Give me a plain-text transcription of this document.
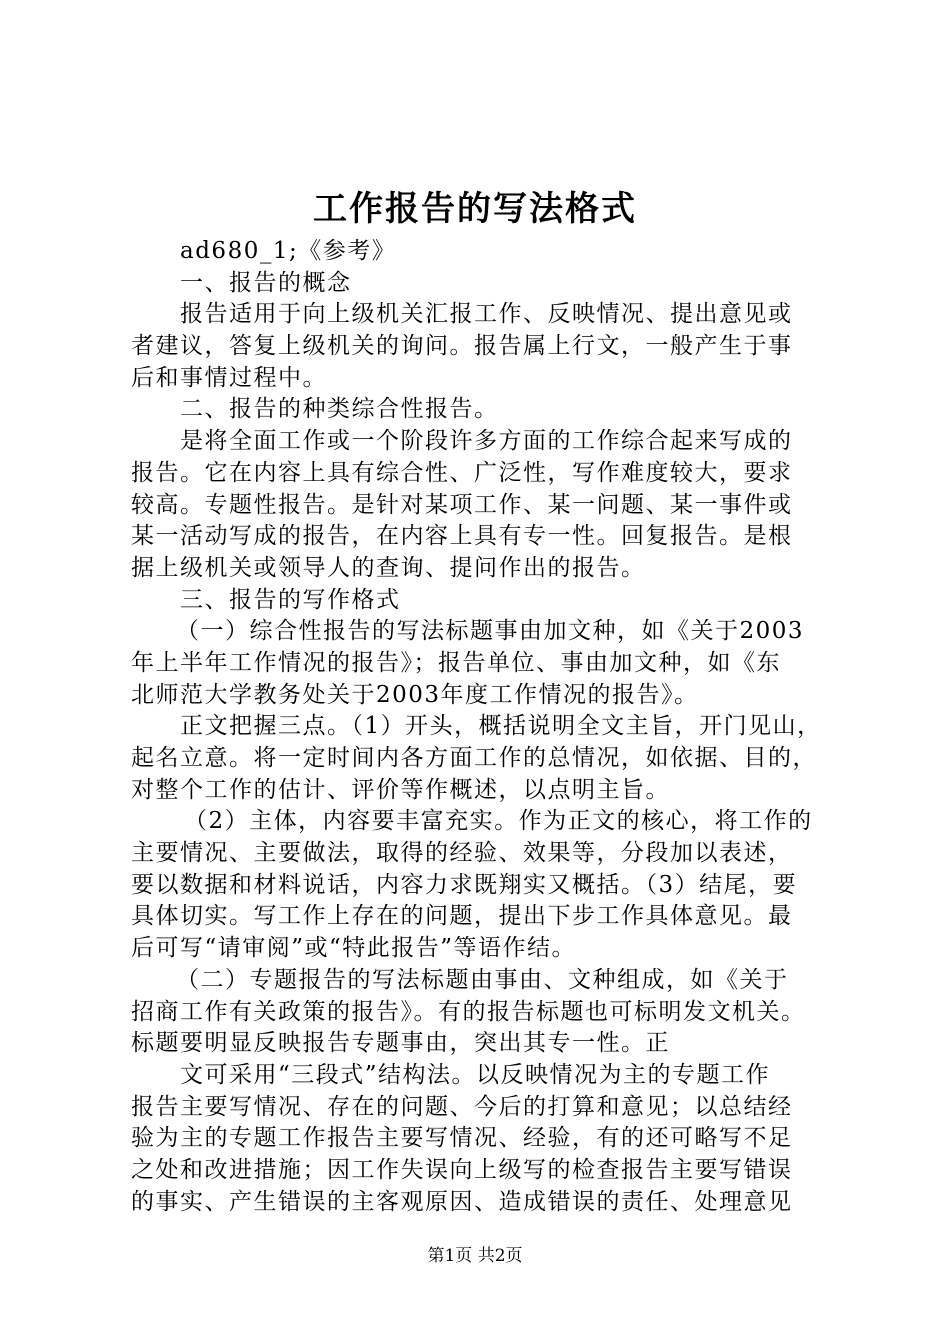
工作报告的写法格式
ad680_1;《参考》
一、报告的概念
报告适用于向上级机关汇报工作、反映情况、提出意见或
者建议，答复上级机关的询问。报告属上行文，一般产生于事
后和事情过程中。
二、报告的种类综合性报告。
是将全面工作或一个阶段许多方面的工作综合起来写成的
报告。它在内容上具有综合性、广泛性，写作难度较大，要求
较高。专题性报告。是针对某项工作、某一问题、某一事件或
某一活动写成的报告，在内容上具有专一性。回复报告。是根
据上级机关或领导人的查询、提问作出的报告。
三、报告的写作格式
（一）综合性报告的写法标题事由加文种，如《关于2003
年上半年工作情况的报告》；报告单位、事由加文种，如《东
北师范大学教务处关于2003年度工作情况的报告》。
正文把握三点。（1）开头，概括说明全文主旨，开门见山，
起名立意。将一定时间内各方面工作的总情况，如依据、目的，
对整个工作的估计、评价等作概述，以点明主旨。
（2）主体，内容要丰富充实。作为正文的核心，将工作的
主要情况、主要做法，取得的经验、效果等，分段加以表述，
要以数据和材料说话，内容力求既翔实又概括。（3）结尾，要
具体切实。写工作上存在的问题，提出下步工作具体意见。最
后可写“请审阅”或“特此报告”等语作结。
（二）专题报告的写法标题由事由、文种组成，如《关于
招商工作有关政策的报告》。有的报告标题也可标明发文机关。
标题要明显反映报告专题事由，突出其专一性。正
文可采用“三段式”结构法。以反映情况为主的专题工作
报告主要写情况、存在的问题、今后的打算和意见；以总结经
验为主的专题工作报告主要写情况、经验，有的还可略写不足
之处和改进措施；因工作失误向上级写的检查报告主要写错误
的事实、产生错误的主客观原因、造成错误的责任、处理意见
第1页 共2页
